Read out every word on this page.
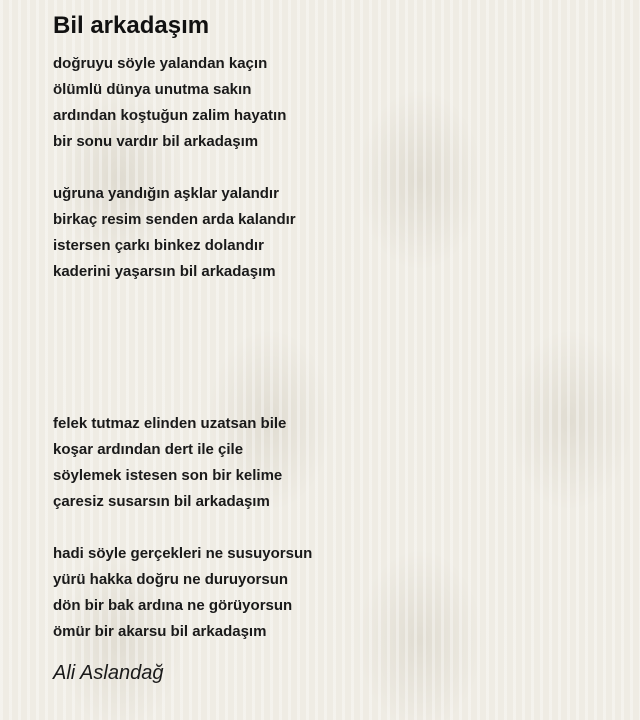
Bil arkadaşım
doğruyu söyle yalandan kaçın
ölümlü dünya unutma sakın
ardından koştuğun zalim hayatın
bir sonu vardır bil arkadaşım
uğruna yandığın aşklar yalandır
birkaç resim senden arda kalandır
istersen çarkı binkez dolandır
kaderini yaşarsın bil arkadaşım
felek tutmaz elinden uzatsan bile
koşar ardından dert ile çile
söylemek istesen son bir kelime
çaresiz susarsın bil arkadaşım
hadi söyle gerçekleri ne susuyorsun
yürü hakka doğru ne duruyorsun
dön bir bak ardına ne görüyorsun
ömür bir akarsu bil arkadaşım
Ali Aslandağ
